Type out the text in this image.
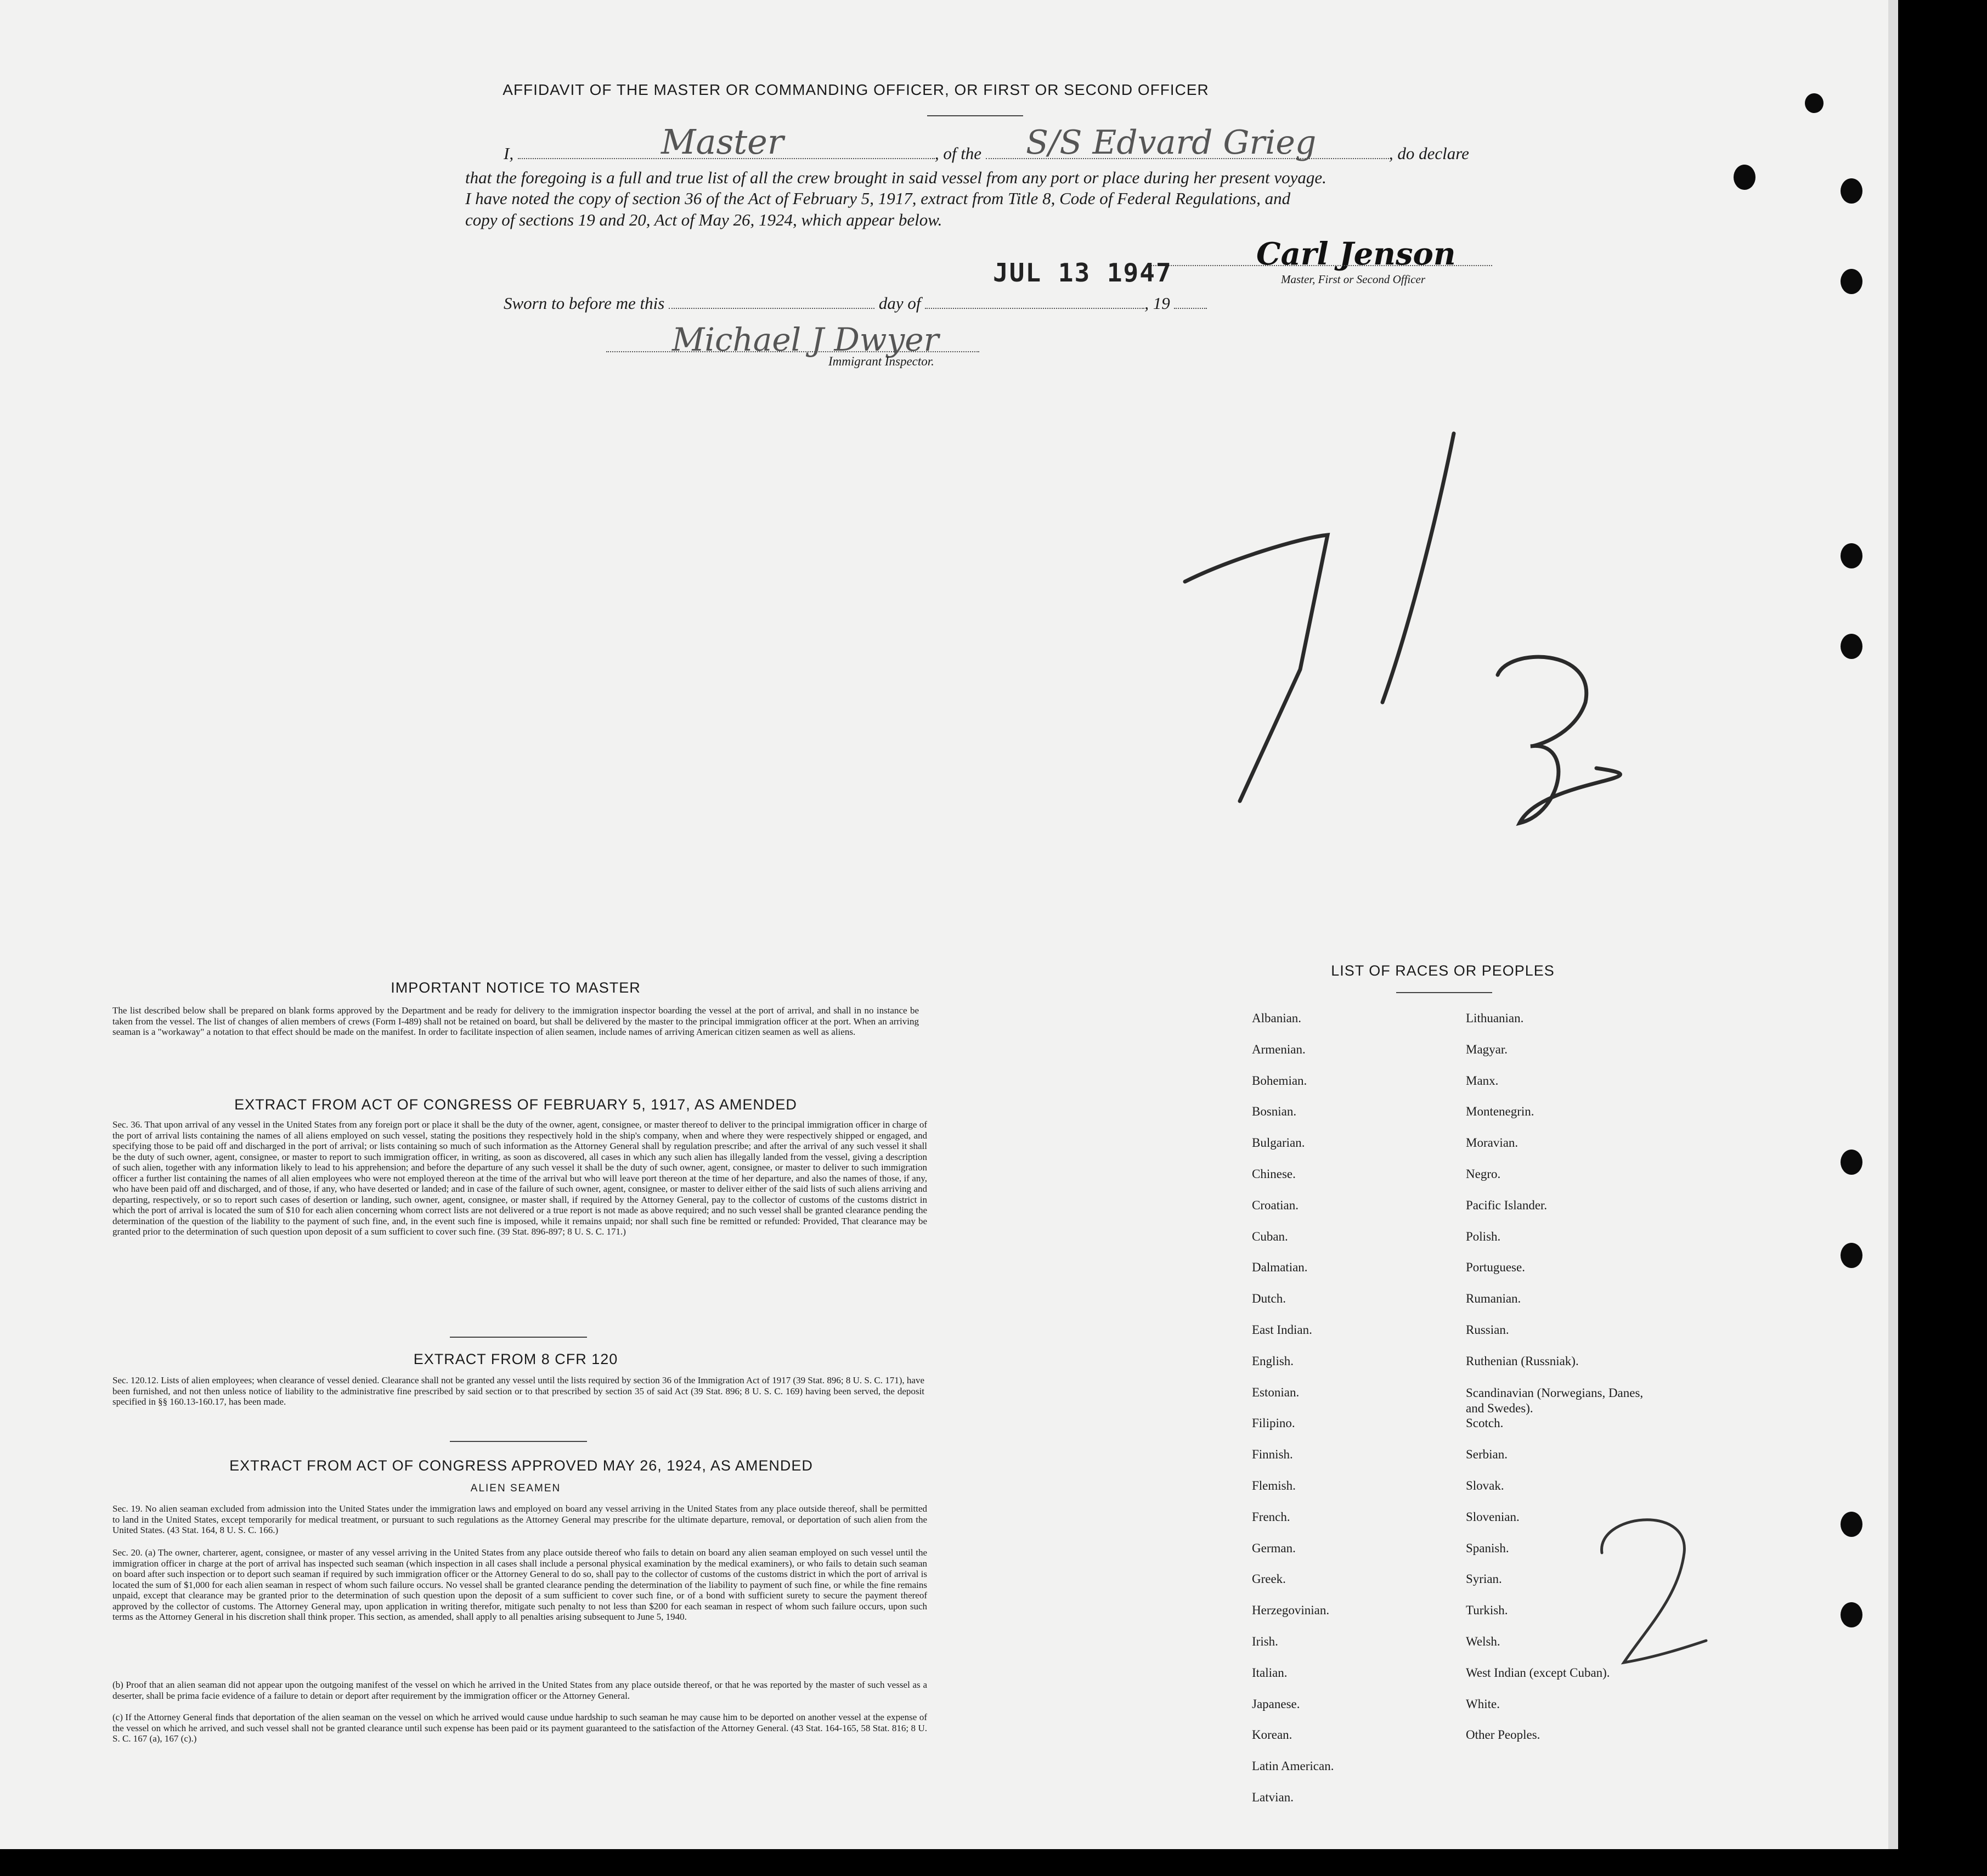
AFFIDAVIT OF THE MASTER OR COMMANDING OFFICER, OR FIRST OR SECOND OFFICER
I,	, of the	, do declare
Master	S/S Edvard Grieg
that the foregoing is a full and true list of all the crew brought in said vessel from any port or place during her present voyage.
I have noted the copy of section 36 of the Act of February 5, 1917, extract from Title 8, Code of Federal Regulations, and
copy of sections 19 and 20, Act of May 26, 1924, which appear below.
Carl Jenson
Master, First or Second Officer
JUL 13 1947
Sworn to before me this	day of	, 19
Michael J Dwyer
Immigrant Inspector.
IMPORTANT NOTICE TO MASTER
The list described below shall be prepared on blank forms approved by the Department and be ready for delivery to the immigration inspector boarding the vessel at the port of arrival, and shall in no instance be taken from the vessel. The list of changes of alien members of crews (Form I-489) shall not be retained on board, but shall be delivered by the master to the principal immigration officer at the port. When an arriving seaman is a "workaway" a notation to that effect should be made on the manifest. In order to facilitate inspection of alien seamen, include names of arriving American citizen seamen as well as aliens.
EXTRACT FROM ACT OF CONGRESS OF FEBRUARY 5, 1917, AS AMENDED
Sec. 36. That upon arrival of any vessel in the United States from any foreign port or place it shall be the duty of the owner, agent, consignee, or master thereof to deliver to the principal immigration officer in charge of the port of arrival lists containing the names of all aliens employed on such vessel, stating the positions they respectively hold in the ship's company, when and where they were respectively shipped or engaged, and specifying those to be paid off and discharged in the port of arrival; or lists containing so much of such information as the Attorney General shall by regulation prescribe; and after the arrival of any such vessel it shall be the duty of such owner, agent, consignee, or master to report to such immigration officer, in writing, as soon as discovered, all cases in which any such alien has illegally landed from the vessel, giving a description of such alien, together with any information likely to lead to his apprehension; and before the departure of any such vessel it shall be the duty of such owner, agent, consignee, or master to deliver to such immigration officer a further list containing the names of all alien employees who were not employed thereon at the time of the arrival but who will leave port thereon at the time of her departure, and also the names of those, if any, who have been paid off and discharged, and of those, if any, who have deserted or landed; and in case of the failure of such owner, agent, consignee, or master to deliver either of the said lists of such aliens arriving and departing, respectively, or so to report such cases of desertion or landing, such owner, agent, consignee, or master shall, if required by the Attorney General, pay to the collector of customs of the customs district in which the port of arrival is located the sum of $10 for each alien concerning whom correct lists are not delivered or a true report is not made as above required; and no such vessel shall be granted clearance pending the determination of the question of the liability to the payment of such fine, and, in the event such fine is imposed, while it remains unpaid; nor shall such fine be remitted or refunded: Provided, That clearance may be granted prior to the determination of such question upon deposit of a sum sufficient to cover such fine. (39 Stat. 896-897; 8 U. S. C. 171.)
EXTRACT FROM 8 CFR 120
Sec. 120.12. Lists of alien employees; when clearance of vessel denied. Clearance shall not be granted any vessel until the lists required by section 36 of the Immigration Act of 1917 (39 Stat. 896; 8 U. S. C. 171), have been furnished, and not then unless notice of liability to the administrative fine prescribed by said section or to that prescribed by section 35 of said Act (39 Stat. 896; 8 U. S. C. 169) having been served, the deposit specified in §§ 160.13-160.17, has been made.
EXTRACT FROM ACT OF CONGRESS APPROVED MAY 26, 1924, AS AMENDED
ALIEN SEAMEN
Sec. 19. No alien seaman excluded from admission into the United States under the immigration laws and employed on board any vessel arriving in the United States from any place outside thereof, shall be permitted to land in the United States, except temporarily for medical treatment, or pursuant to such regulations as the Attorney General may prescribe for the ultimate departure, removal, or deportation of such alien from the United States. (43 Stat. 164, 8 U. S. C. 166.)
Sec. 20. (a) The owner, charterer, agent, consignee, or master of any vessel arriving in the United States from any place outside thereof who fails to detain on board any alien seaman employed on such vessel until the immigration officer in charge at the port of arrival has inspected such seaman (which inspection in all cases shall include a personal physical examination by the medical examiners), or who fails to detain such seaman on board after such inspection or to deport such seaman if required by such immigration officer or the Attorney General to do so, shall pay to the collector of customs of the customs district in which the port of arrival is located the sum of $1,000 for each alien seaman in respect of whom such failure occurs. No vessel shall be granted clearance pending the determination of the liability to payment of such fine, or while the fine remains unpaid, except that clearance may be granted prior to the determination of such question upon the deposit of a sum sufficient to cover such fine, or of a bond with sufficient surety to secure the payment thereof approved by the collector of customs. The Attorney General may, upon application in writing therefor, mitigate such penalty to not less than $200 for each seaman in respect of whom such failure occurs, upon such terms as the Attorney General in his discretion shall think proper. This section, as amended, shall apply to all penalties arising subsequent to June 5, 1940.
(b) Proof that an alien seaman did not appear upon the outgoing manifest of the vessel on which he arrived in the United States from any place outside thereof, or that he was reported by the master of such vessel as a deserter, shall be prima facie evidence of a failure to detain or deport after requirement by the immigration officer or the Attorney General.
(c) If the Attorney General finds that deportation of the alien seaman on the vessel on which he arrived would cause undue hardship to such seaman he may cause him to be deported on another vessel at the expense of the vessel on which he arrived, and such vessel shall not be granted clearance until such expense has been paid or its payment guaranteed to the satisfaction of the Attorney General. (43 Stat. 164-165, 58 Stat. 816; 8 U. S. C. 167 (a), 167 (c).)
LIST OF RACES OR PEOPLES
Albanian.
Armenian.
Bohemian.
Bosnian.
Bulgarian.
Chinese.
Croatian.
Cuban.
Dalmatian.
Dutch.
East Indian.
English.
Estonian.
Filipino.
Finnish.
Flemish.
French.
German.
Greek.
Herzegovinian.
Irish.
Italian.
Japanese.
Korean.
Latin American.
Latvian.
Lithuanian.
Magyar.
Manx.
Montenegrin.
Moravian.
Negro.
Pacific Islander.
Polish.
Portuguese.
Rumanian.
Russian.
Ruthenian (Russniak).
Scandinavian (Norwegians, Danes, and Swedes).
Scotch.
Serbian.
Slovak.
Slovenian.
Spanish.
Syrian.
Turkish.
Welsh.
West Indian (except Cuban).
White.
Other Peoples.
